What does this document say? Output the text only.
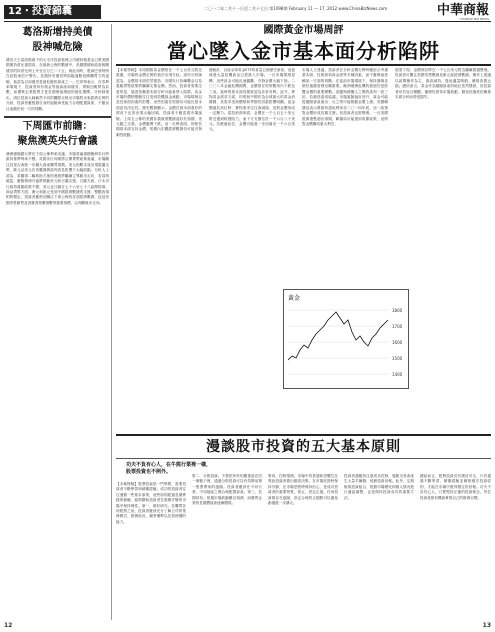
12・投資錦囊	二〇一二年二月十一日至二月十七日 第1098期 February 11 — 17, 2012 www.ChinaBizNews.com	中華商報
CHINESE BIZ NEWS
葛洛斯增持美債
股神喊危險
債券天王葛洛斯旗下的太平洋投資管理公司總回報基金已將美國國債持倉比重提高，在最新公佈的數據中，美國國債和政府相關債券的持倉比例上升至百分之二十五。與此同時，股神巴菲特則在致股東信中警告，長期持有債券將面臨通脹侵蝕購買力的風險，他認為目前債券是最危險的資產之一。巴菲特表示，在零利率環境下，投資者持有現金等值資產和債券，實際回報將為負數，而優質企業股票才是長期保值增值的最佳選擇。分析師指出，兩位投資大師截然不同的觀點反映出市場對未來經濟走勢的分歧，投資者應根據自身的風險承受能力合理配置資產，不應盲目追隨任何一方的判斷。
下周匯市前瞻：
聚焦澳英央行會議
澳洲儲備銀行將於下周公佈利率決議，市場普遍預期澳洲央行將維持基準利率不變。英國央行同樣將召開貨幣政策會議，市場關注其是否會進一步擴大資產購買規模。美元指數本周呈現震盪走勢，歐元兌美元在希臘債務談判消息影響下大幅波動。分析人士認為，希臘第二輪救助方案的進展將繼續主導匯市走向，若談判破裂，避險情緒升溫將推動美元和日圓走強。日圓方面，日本央行維持寬鬆政策不變，美元兌日圓在七十六至七十八區間徘徊。商品貨幣方面，澳元和紐元受到中國經濟數據的支撐，整體表現相對穩定。投資者應密切關注下周公佈的各項經濟數據，包括美國零售銷售及消費者物價指數等重要指標，以判斷後市走向。
國際黃金市場周評
當心墜入金市基本面分析陷阱
【本報特稿】本周國際黃金價格在一千七百美元附近震盪，市場對金價走勢的看法出現分歧。部份分析師認為，金價基本面依然強勁，各國央行持續購金以及寬鬆貨幣政策將繼續支撐金價。然而，投資者需要注意的是，過度依賴基本面分析可能會墜入陷阱。黃金市場的價格變動往往受到投機資金流動、市場情緒以及技術面因素的影響，這些因素在短期內可能比基本面更具決定性。歷史數據顯示，金價在基本面看好的情況下也曾出現大幅回調，投資者不應忽視市場風險。上周五公佈的美國非農就業數據遠好於預期，美元隨之走強，金價應聲下跌。這一走勢表明，即使長期基本面支持金價，短期內宏觀經濟數據仍可能引發劇烈波動。
據統計，目前全球黃金ETF持倉量已創歷史新高，這意味著大量投機資金已經進入市場。一旦市場情緒逆轉，這些資金可能迅速撤離，引發金價大幅下挫。二〇〇八年金融危機期間，金價曾在短短數周內下跌近三成，當時的基本面同樣被認為非常有利。此外，實物黃金需求方面，印度和中國作為全球最大的黃金消費國，其需求受到價格和季節性因素影響明顯。當金價處於高位時，實物需求往往會減弱，這對金價形成一定壓力。從技術面來看，金價在一千七百五十美元附近遇到較強阻力，而下方支撐位於一千六百八十美元。若跌破此位，金價可能進一步回落至一千六百美元。
市場人士建議，投資者在分析金價走勢時應綜合考慮基本面、技術面和資金面等多種因素，而不應單純依賴某一方面的判斷。在當前市場環境下，保持謹慎並做好風險管理至關重要。歐洲債務危機的進展仍是影響金價的重要變數。希臘與債權人之間的談判一波三折，若最終達成協議，市場風險偏好回升，資金可能從避險資產流出；反之則可能推動金價上漲。美國聯儲局表示將維持超低利率至二〇一四年底，這一政策對金價形成長期支撐。但投資者也需警惕，一旦美國經濟復甦超出預期，聯儲局可能提前收緊政策，這將對金價構成重大利空。
展望下周，金價預計將在一千七百美元附近繼續震盪整理。投資者可關注美國零售數據及歐元區經濟數據。操作上建議以區間操作為主，逢高減持，逢低適量吸納，嚴格設置止損。總括而言，黃金作為避險資產的地位依然穩固，但投資者切勿盲目樂觀，應理性看待市場波動，避免因過度依賴基本面分析而蒙受損失。
黃金
1800
1700
1600
1500
1400
漫談股市投資的五大基本原則
功夫不負有心人，在牛熊行業裡一樣，
股票投資也不例外。
【本報特稿】股票投資是一門學問，需要投資者不斷學習和積累經驗。成功的投資者往往遵循一些基本原則，這些原則經過長期實踐的檢驗，能夠幫助投資者在複雜多變的市場中保持理性。第一，做好研究。在購買任何股票之前，投資者應該充分了解公司的業務模式、財務狀況、競爭優勢以及管理層的能力。
第二，分散投資。不要把所有的雞蛋放在同一個籃子裡，通過分散投資可以有效降低單一股票帶來的風險。投資者應該在不同行業、不同地區之間合理配置資產。第三，長期持有。短期市場波動難以預測，而優質企業的長期價值會逐漸體現。
第四，控制情緒。市場中的貪婪和恐懼往往導致投資者做出錯誤決策。在市場狂熱時保持冷靜，在市場恐慌時保持信心，是成功投資者的重要特質。第五，設定止損。任何投資都存在風險，設定合理的止損點可以避免虧損進一步擴大。
投資者還應該注意成本控制，頻繁交易會產生大量手續費，侵蝕投資回報。此外，定期檢視投資組合，根據市場變化和個人情況進行適當調整，也是保持投資成功的重要方法。
總結而言，股票投資沒有捷徑可走，只有通過不斷學習、積累經驗並嚴格遵守投資原則，才能在市場中獲得穩定的回報。功夫不負有心人，只要堅持正確的投資理念，每位投資者都有機會實現自己的財務目標。
12	13
